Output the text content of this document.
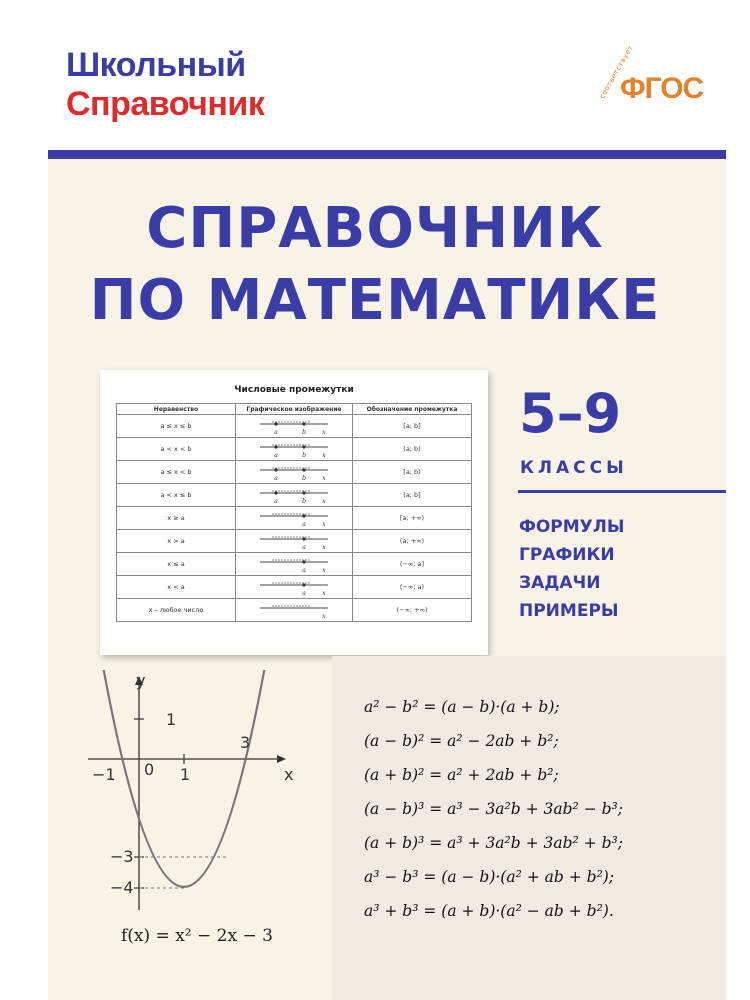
Школьный
Справочник
соответствует
ФГОС
СПРАВОЧНИК
ПО МАТЕМАТИКЕ
5–9
КЛАССЫ
ФОРМУЛЫ
ГРАФИКИ
ЗАДАЧИ
ПРИМЕРЫ
Числовые промежутки
Неравенство	Графическое изображение	Обозначение промежутка
a ≤ x ≤ b	a b x	[a; b]
a < x < b	a b x	(a; b)
a ≤ x < b	a b x	[a; b)
a < x ≤ b	a b x	(a; b]
x ≥ a	a x	[a; +∞)
x > a	a x	(a; +∞)
x ≤ a	a x	(−∞; a]
x < a	a x	(−∞; a)
x – любое число	x	(−∞; +∞)
y
x
1
1
3
−1 0
−3
−4
f(x) = x² − 2x − 3
a² − b² = (a − b)·(a + b);
(a − b)² = a² − 2ab + b²;
(a + b)² = a² + 2ab + b²;
(a − b)³ = a³ − 3a²b + 3ab² − b³;
(a + b)³ = a³ + 3a²b + 3ab² + b³;
a³ − b³ = (a − b)·(a² + ab + b²);
a³ + b³ = (a + b)·(a² − ab + b²).
